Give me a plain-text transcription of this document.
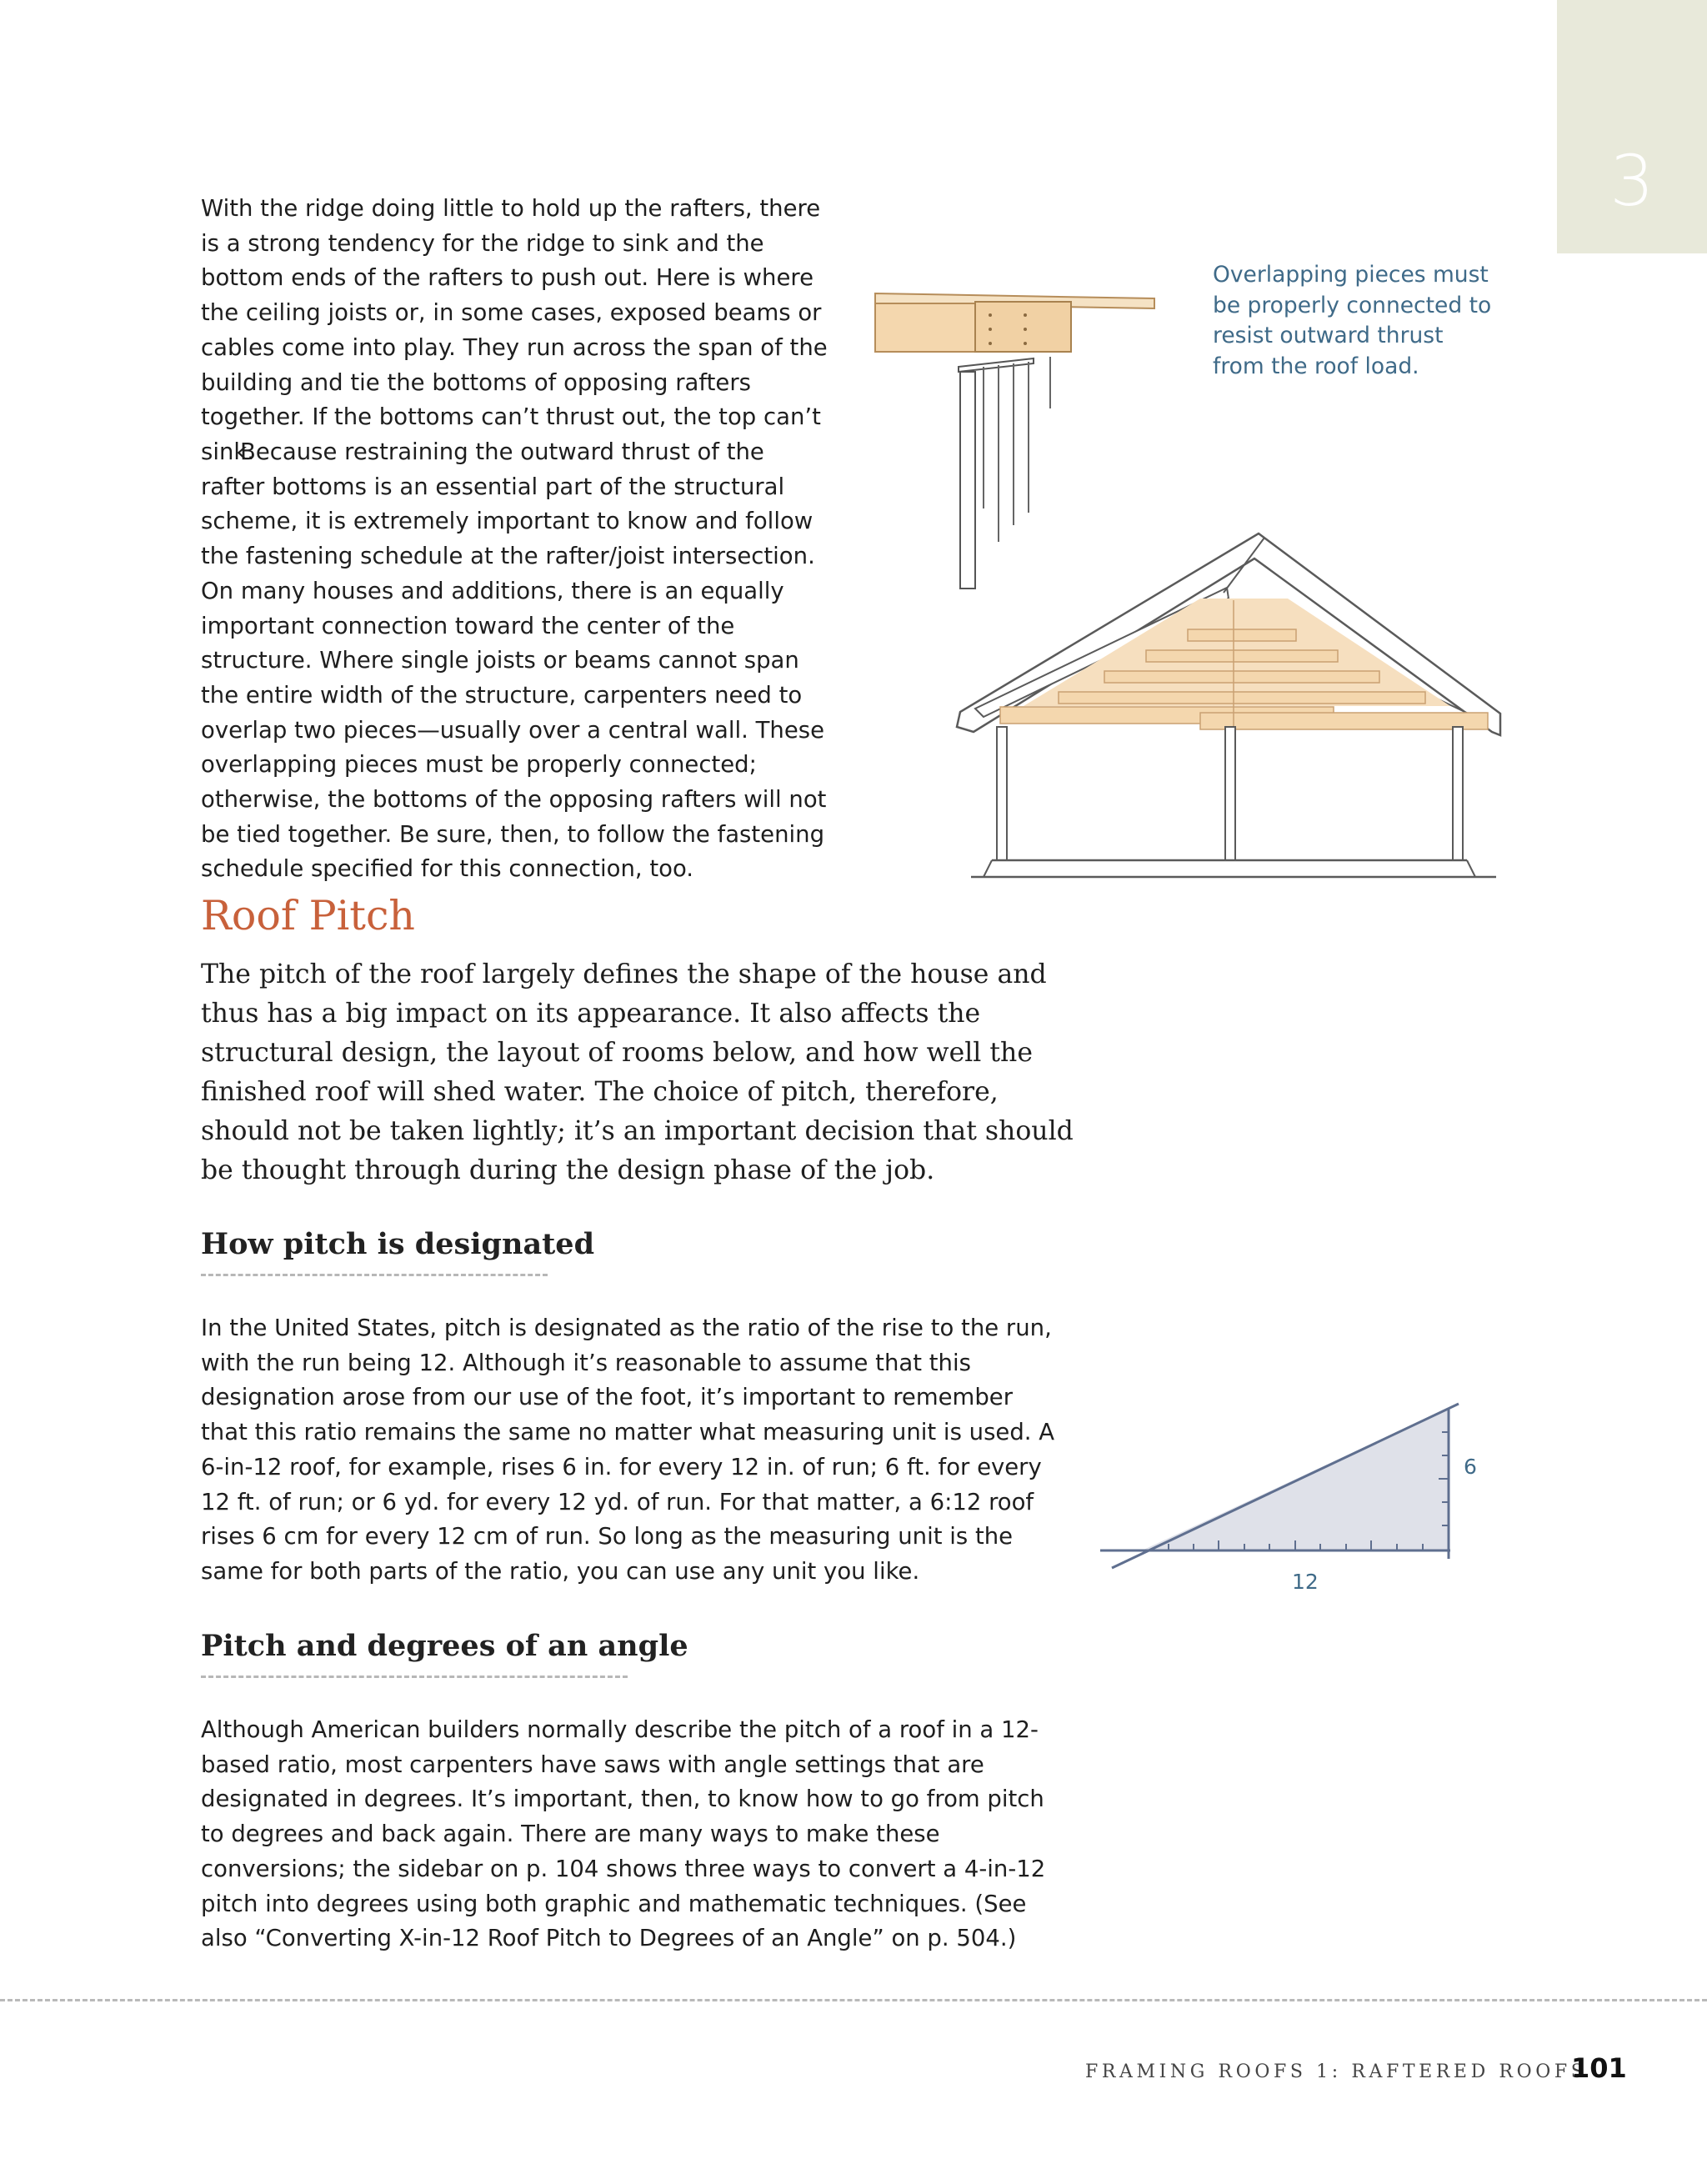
3

With the ridge doing little to hold up the rafters, there is a strong tendency for the ridge to sink and the bottom ends of the rafters to push out. Here is where the ceiling joists or, in some cases, exposed beams or cables come into play. They run across the span of the building and tie the bottoms of opposing rafters together. If the bottoms can’t thrust out, the top can’t sink.

Because restraining the outward thrust of the rafter bottoms is an essential part of the structural scheme, it is extremely important to know and follow the fastening schedule at the rafter/joist intersection. On many houses and additions, there is an equally important connection toward the center of the structure. Where single joists or beams cannot span the entire width of the structure, carpenters need to overlap two pieces—usually over a central wall. These overlapping pieces must be properly connected; otherwise, the bottoms of the opposing rafters will not be tied together. Be sure, then, to follow the fastening schedule specified for this connection, too.

Overlapping pieces must be properly connected to resist outward thrust from the roof load.

Roof Pitch

The pitch of the roof largely defines the shape of the house and thus has a big impact on its appearance. It also affects the structural design, the layout of rooms below, and how well the finished roof will shed water. The choice of pitch, therefore, should not be taken lightly; it’s an important decision that should be thought through during the design phase of the job.

How pitch is designated

In the United States, pitch is designated as the ratio of the rise to the run, with the run being 12. Although it’s reasonable to assume that this designation arose from our use of the foot, it’s important to remember that this ratio remains the same no matter what measuring unit is used. A 6-in-12 roof, for example, rises 6 in. for every 12 in. of run; 6 ft. for every 12 ft. of run; or 6 yd. for every 12 yd. of run. For that matter, a 6:12 roof rises 6 cm for every 12 cm of run. So long as the measuring unit is the same for both parts of the ratio, you can use any unit you like.

6
12
Pitch and degrees of an angle

Although American builders normally describe the pitch of a roof in a 12-based ratio, most carpenters have saws with angle settings that are designated in degrees. It’s important, then, to know how to go from pitch to degrees and back again. There are many ways to make these conversions; the sidebar on p. 104 shows three ways to convert a 4-in-12 pitch into degrees using both graphic and mathematic techniques. (See also “Converting X-in-12 Roof Pitch to Degrees of an Angle” on p. 504.)

FRAMING ROOFS 1: RAFTERED ROOFS

101
